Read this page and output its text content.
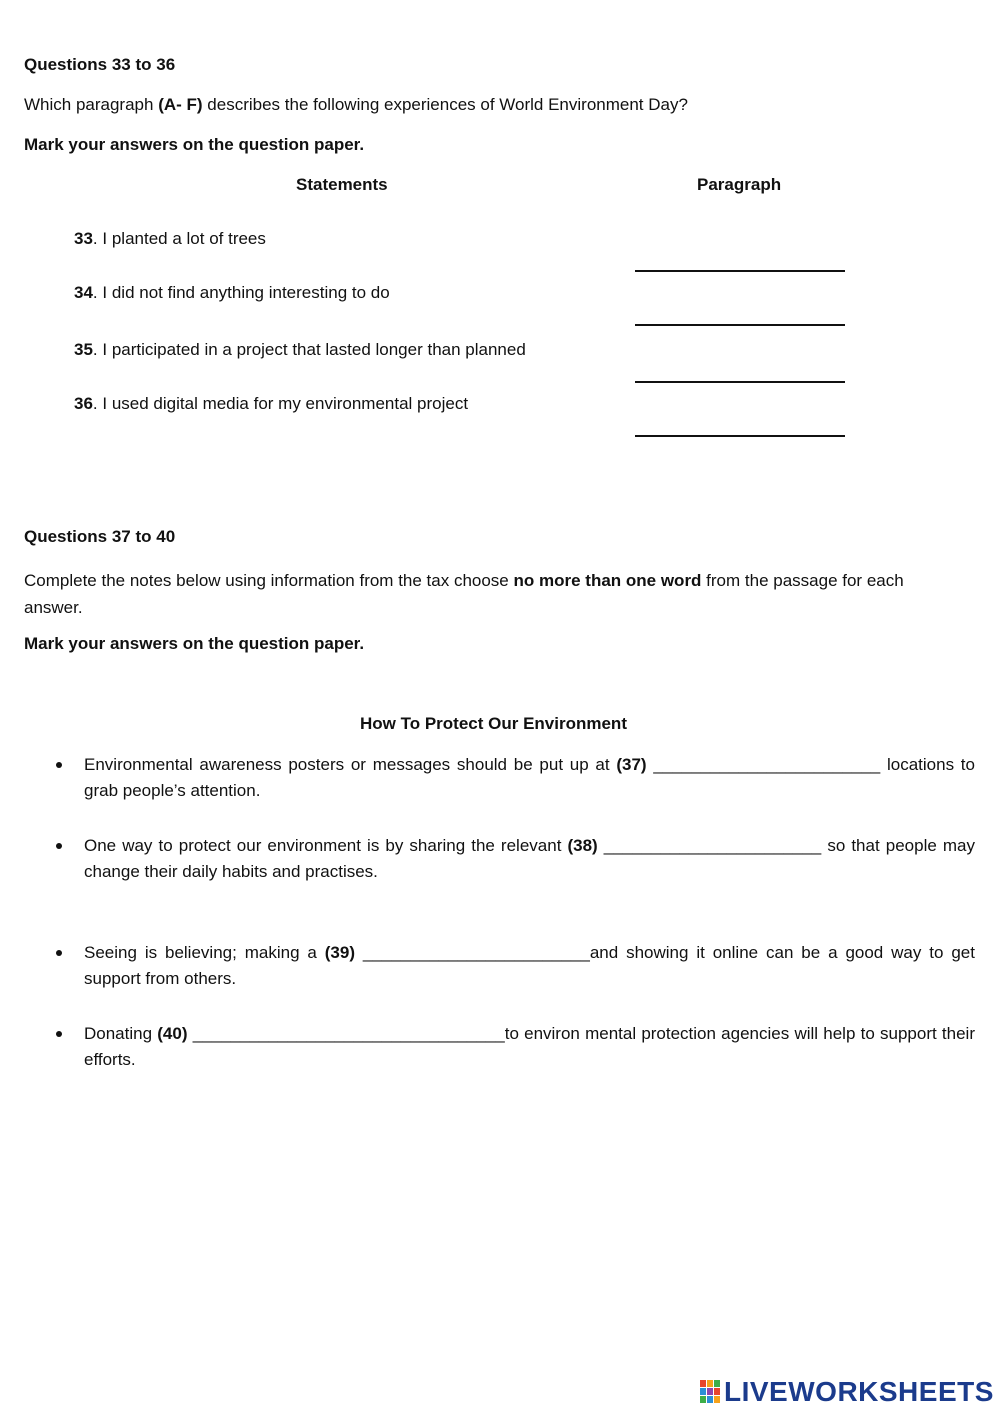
Questions 33 to 36
Which paragraph (A- F) describes the following experiences of World Environment Day?
Mark your answers on the question paper.
Statements	Paragraph
33. I planted a lot of trees
34. I did not find anything interesting to do
35. I participated in a project that lasted longer than planned
36. I used digital media for my environmental project
Questions 37 to 40
Complete the notes below using information from the tax choose no more than one word from the passage for each answer.
Mark your answers on the question paper.
How To Protect Our Environment
Environmental awareness posters or messages should be put up at (37) ________________________ locations to grab people’s attention.
One way to protect our environment is by sharing the relevant (38) _______________________ so that people may change their daily habits and practises.
Seeing is believing; making a (39) ________________________and showing it online can be a good way to get support from others.
Donating (40) _________________________________to environ mental protection agencies will help to support their efforts.
LIVEWORKSHEETS
